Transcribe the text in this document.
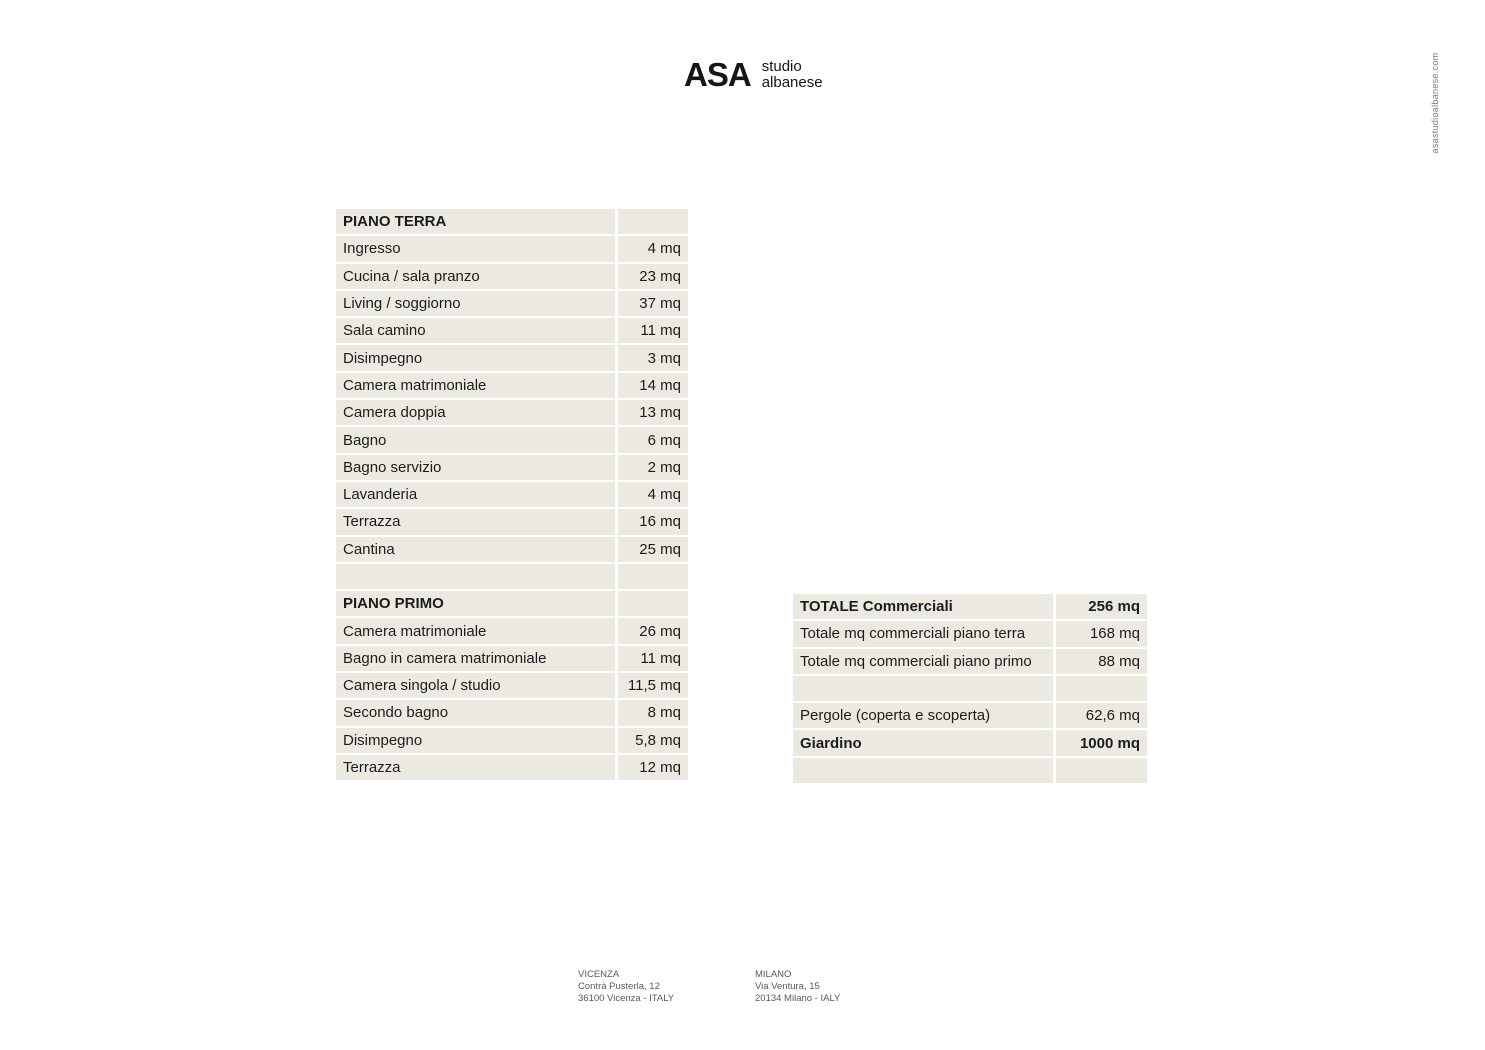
ASA studio
albanese	asastudioalbanese.com
PIANO TERRA	
Ingresso	4 mq
Cucina / sala pranzo	23 mq
Living / soggiorno	37 mq
Sala camino	11 mq
Disimpegno	3 mq
Camera matrimoniale	14 mq
Camera doppia	13 mq
Bagno	6 mq
Bagno servizio	2 mq
Lavanderia	4 mq
Terrazza	16 mq
Cantina	25 mq

PIANO PRIMO	
Camera matrimoniale	26 mq
Bagno in camera matrimoniale	11 mq
Camera singola / studio	11,5 mq
Secondo bagno	8 mq
Disimpegno	5,8 mq
Terrazza	12 mq
TOTALE Commerciali	256 mq
Totale mq commerciali piano terra	168 mq
Totale mq commerciali piano primo	88 mq

Pergole (coperta e scoperta)	62,6 mq
Giardino	1000 mq

VICENZA
Contrà Pusterla, 12
36100 Vicenza - ITALY
MILANO
Via Ventura, 15
20134 Milano - IALY
